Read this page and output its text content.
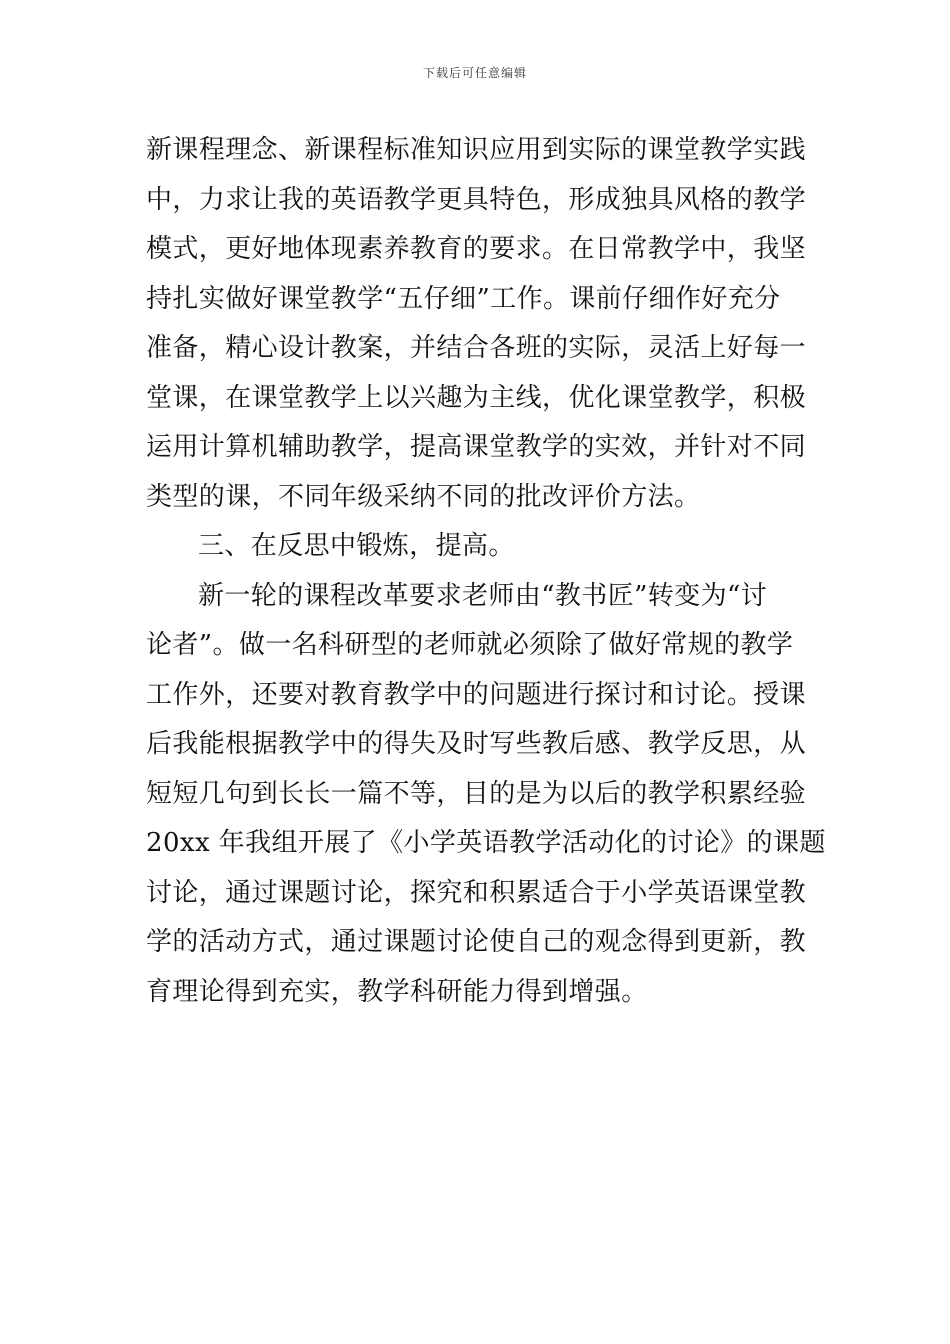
下载后可任意编辑
新课程理念、新课程标准知识应用到实际的课堂教学实践
中，力求让我的英语教学更具特色，形成独具风格的教学
模式，更好地体现素养教育的要求。在日常教学中，我坚
持扎实做好课堂教学“五仔细”工作。课前仔细作好充分
准备，精心设计教案，并结合各班的实际，灵活上好每一
堂课，在课堂教学上以兴趣为主线，优化课堂教学，积极
运用计算机辅助教学，提高课堂教学的实效，并针对不同
类型的课，不同年级采纳不同的批改评价方法。
三、在反思中锻炼，提高。
新一轮的课程改革要求老师由“教书匠”转变为“讨
论者”。做一名科研型的老师就必须除了做好常规的教学
工作外，还要对教育教学中的问题进行探讨和讨论。授课
后我能根据教学中的得失及时写些教后感、教学反思，从
短短几句到长长一篇不等，目的是为以后的教学积累经验
20xx 年我组开展了《小学英语教学活动化的讨论》的课题
讨论，通过课题讨论，探究和积累适合于小学英语课堂教
学的活动方式，通过课题讨论使自己的观念得到更新，教
育理论得到充实，教学科研能力得到增强。
